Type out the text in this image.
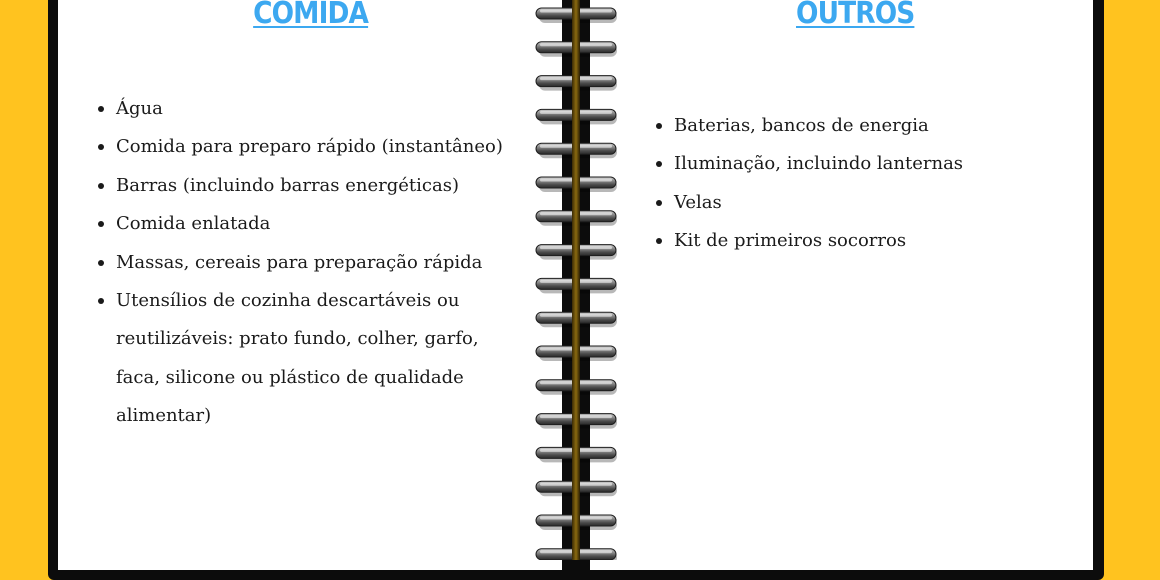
COMIDA	OUTROS
Água
Comida para preparo rápido (instantâneo)
Barras (incluindo barras energéticas)
Comida enlatada
Massas, cereais para preparação rápida
Utensílios de cozinha descartáveis ou reutilizáveis: prato fundo, colher, garfo, faca, silicone ou plástico de qualidade alimentar)
Baterias, bancos de energia
Iluminação, incluindo lanternas
Velas
Kit de primeiros socorros
